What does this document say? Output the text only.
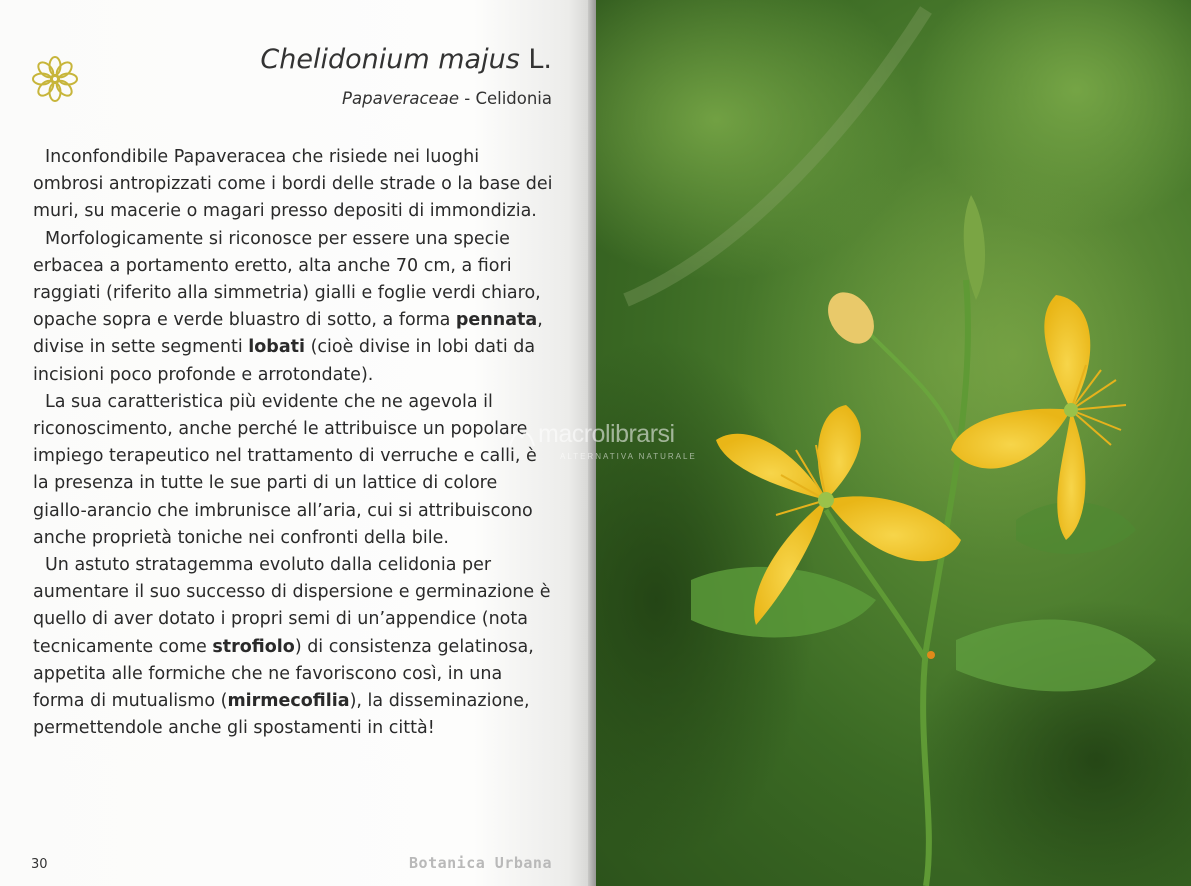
Chelidonium majus L.
Papaveraceae - Celidonia

Inconfondibile Papaveracea che risiede nei luoghi ombrosi antropizzati come i bordi delle strade o la base dei muri, su macerie o magari presso depositi di immondizia.

Morfologicamente si riconosce per essere una specie erbacea a portamento eretto, alta anche 70 cm, a fiori raggiati (riferito alla simmetria) gialli e foglie verdi chiaro, opache sopra e verde bluastro di sotto, a forma pennata, divise in sette segmenti lobati (cioè divise in lobi dati da incisioni poco profonde e arrotondate).

La sua caratteristica più evidente che ne agevola il riconoscimento, anche perché le attribuisce un popolare impiego terapeutico nel trattamento di verruche e calli, è la presenza in tutte le sue parti di un lattice di colore giallo-arancio che imbrunisce all’aria, cui si attribuiscono anche proprietà toniche nei confronti della bile.

Un astuto stratagemma evoluto dalla celidonia per aumentare il suo successo di dispersione e germinazione è quello di aver dotato i propri semi di un’appendice (nota tecnicamente come strofiolo) di consistenza gelatinosa, appetita alle formiche che ne favoriscono così, in una forma di mutualismo (mirmecofilia), la disseminazione, permettendole anche gli spostamenti in città!

30	Botanica Urbana
macrolibrarsi
ALTERNATIVA NATURALE
